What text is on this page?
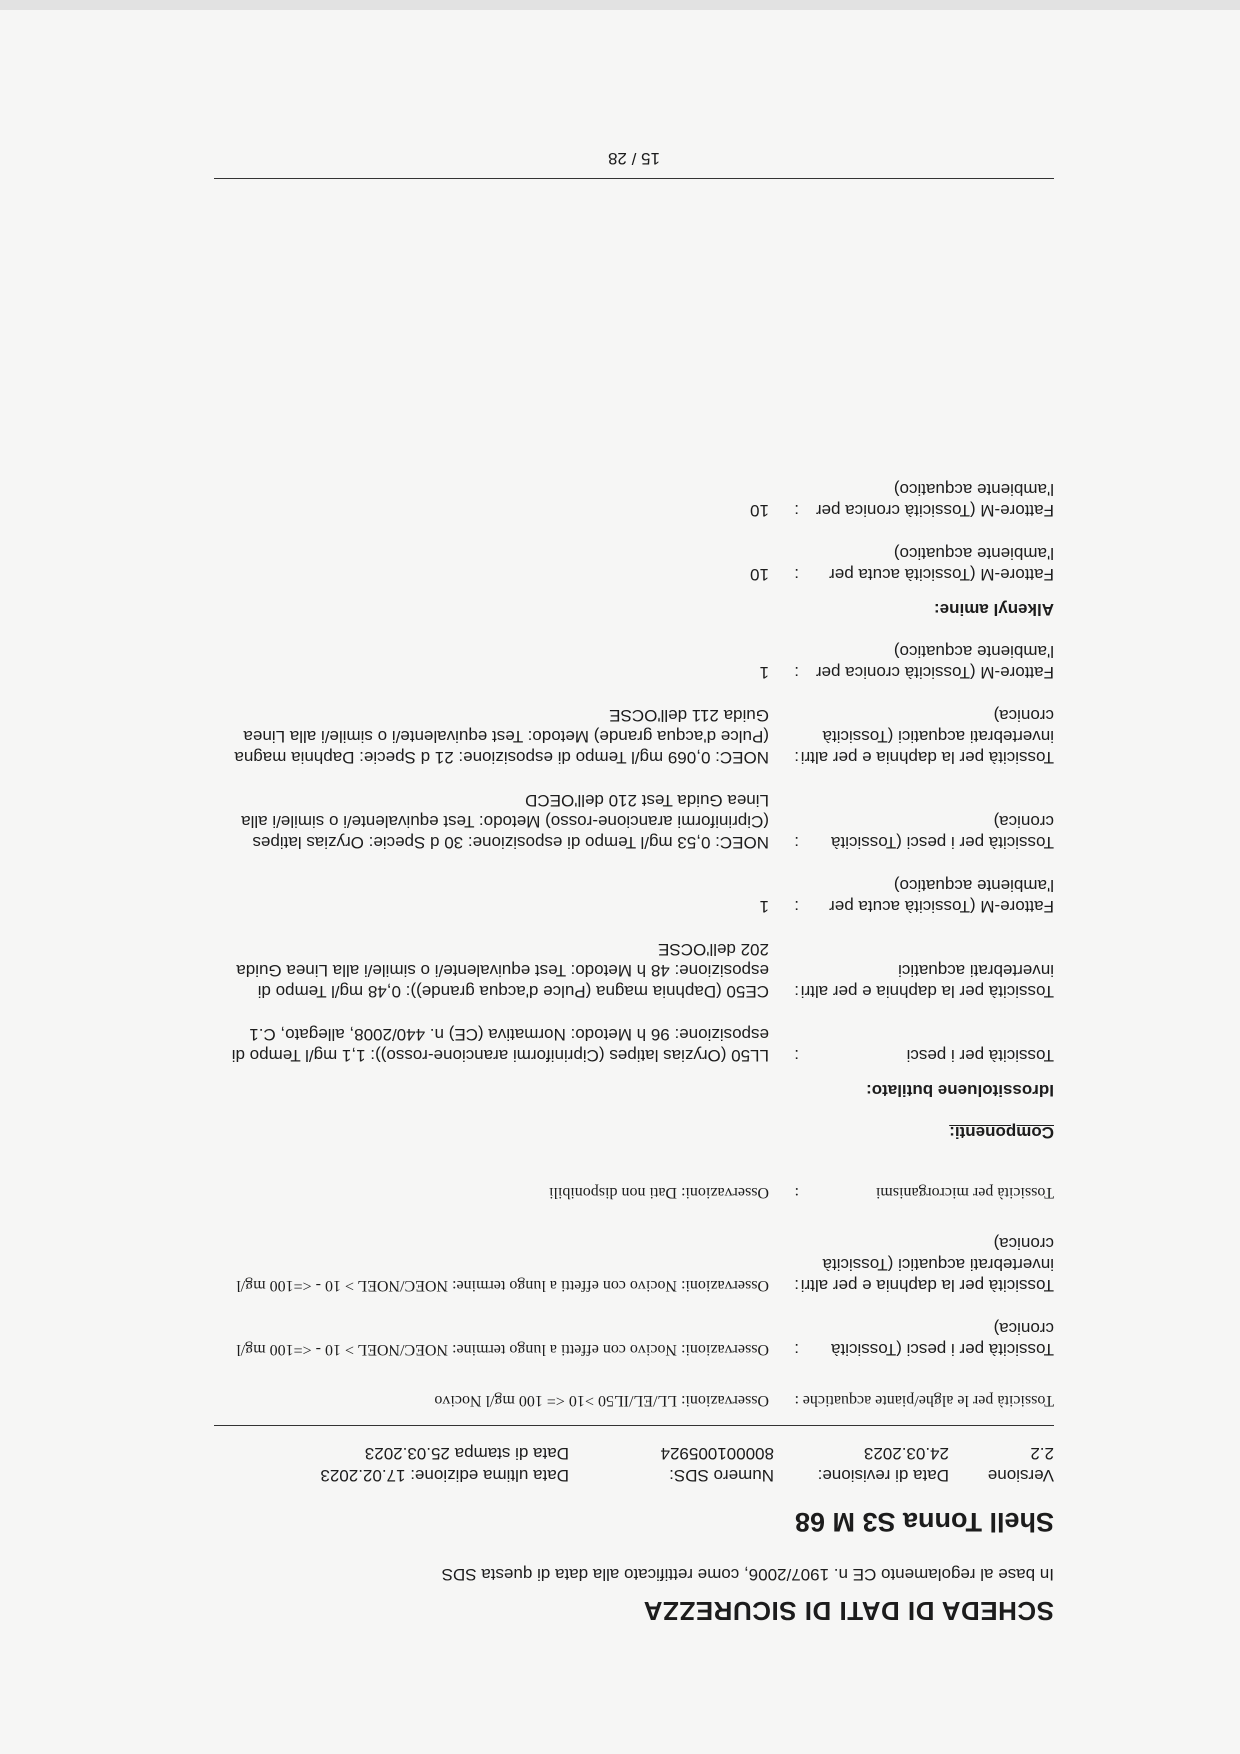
SCHEDA DI DATI DI SICUREZZA
In base al regolamento CE n. 1907/2006, come rettificato alla data di questa SDS
Shell Tonna S3 M 68
Versione
Data di revisione:
Numero SDS:
Data ultima edizione: 17.02.2023
2.2
24.03.2023
800001005924
Data di stampa 25.03.2023
Tossicità per le alghe/piante acquatiche
:
Osservazioni: LL/EL/IL50 >10 <= 100 mg/l Nocivo
Tossicità per i pesci (Tossicità cronica)
:
Osservazioni: Nocivo con effetti a lungo termine: NOEC/NOEL > 10 - <=100 mg/l
Tossicità per la daphnia e per altri invertebrati acquatici (Tossicità cronica)
:
Osservazioni: Nocivo con effetti a lungo termine: NOEC/NOEL > 10 - <=100 mg/l
Tossicità per microrganismi
:
Osservazioni: Dati non disponibili
Componenti:
Idrossitoluene butilato:
Tossicità per i pesci
:
LL50 (Oryzias latipes (Cipriniformi arancione-rosso)): 1,1 mg/l Tempo di esposizione: 96 h Metodo: Normativa (CE) n. 440/2008, allegato, C.1
Tossicità per la daphnia e per altri invertebrati acquatici
:
CE50 (Daphnia magna (Pulce d'acqua grande)): 0,48 mg/l Tempo di esposizione: 48 h Metodo: Test equivalente/i o simile/i alla Linea Guida 202 dell'OCSE
Fattore-M (Tossicità acuta per l'ambiente acquatico)
:
1
Tossicità per i pesci (Tossicità cronica)
:
NOEC: 0,53 mg/l Tempo di esposizione: 30 d Specie: Oryzias latipes (Cipriniformi arancione-rosso) Metodo: Test equivalente/i o simile/i alla Linea Guida Test 210 dell'OECD
Tossicità per la daphnia e per altri invertebrati acquatici (Tossicità cronica)
:
NOEC: 0,069 mg/l Tempo di esposizione: 21 d Specie: Daphnia magna (Pulce d'acqua grande) Metodo: Test equivalente/i o simile/i alla Linea Guida 211 dell'OCSE
Fattore-M (Tossicità cronica per l'ambiente acquatico)
:
1
Alkenyl amine:
Fattore-M (Tossicità acuta per l'ambiente acquatico)
:
10
Fattore-M (Tossicità cronica per l'ambiente acquatico)
:
10
15 / 28
